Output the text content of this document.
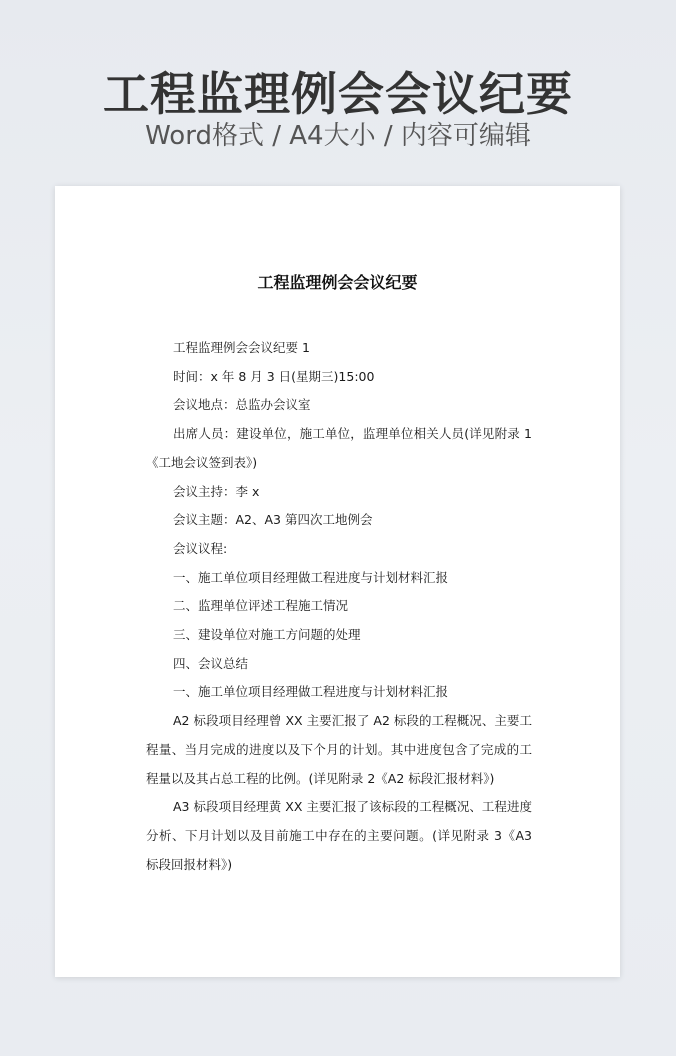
工程监理例会会议纪要
Word格式 / A4大小 / 内容可编辑
工程监理例会会议纪要

工程监理例会会议纪要 1

时间：x 年 8 月 3 日(星期三)15:00

会议地点：总监办会议室

出席人员：建设单位，施工单位，监理单位相关人员(详见附录 1《工地会议签到表》)

会议主持：李 x

会议主题：A2、A3 第四次工地例会

会议议程:

一、施工单位项目经理做工程进度与计划材料汇报

二、监理单位评述工程施工情况

三、建设单位对施工方问题的处理

四、会议总结

一、施工单位项目经理做工程进度与计划材料汇报

A2 标段项目经理曾 XX 主要汇报了 A2 标段的工程概况、主要工程量、当月完成的进度以及下个月的计划。其中进度包含了完成的工程量以及其占总工程的比例。(详见附录 2《A2 标段汇报材料》)

A3 标段项目经理黄 XX 主要汇报了该标段的工程概况、工程进度分析、下月计划以及目前施工中存在的主要问题。(详见附录 3《A3 标段回报材料》)
